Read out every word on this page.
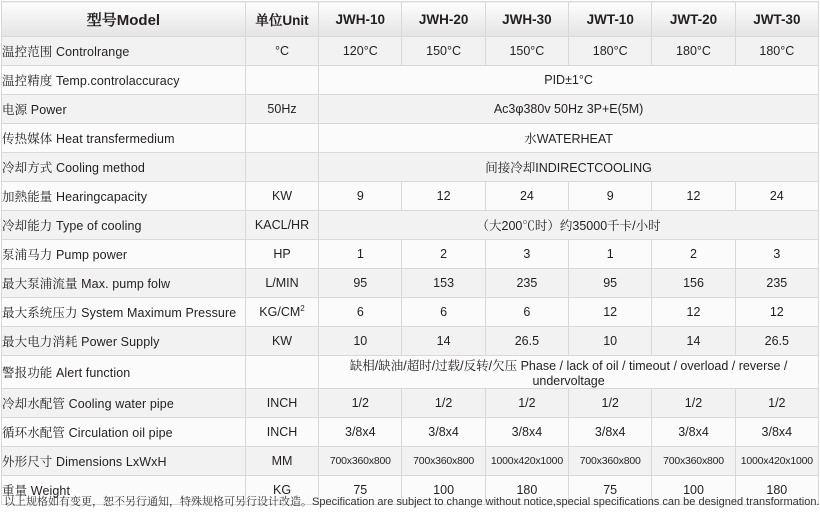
型号Model	单位Unit	JWH-10	JWH-20	JWH-30	JWT-10	JWT-20	JWT-30
温控范围 Controlrange	°C	120°C	150°C	150°C	180°C	180°C	180°C
温控精度 Temp.controlaccuracy		PID±1°C					
电源 Power	50Hz	Ac3φ380v 50Hz 3P+E(5M)					
传热媒体 Heat transfermedium		水WATERHEAT					
冷却方式 Cooling method		间接冷却INDIRECTCOOLING					
加熱能量 Hearingcapacity	KW	9	12	24	9	12	24
冷却能力 Type of cooling	KACL/HR	（大200℃时）约35000千卡/小时					
泵浦马力 Pump power	HP	1	2	3	1	2	3
最大泵浦流量 Max. pump folw	L/MIN	95	153	235	95	156	235
最大系统压力 System Maximum Pressure	$KG/CM^2$	6	6	6	12	12	12
最大电力消耗 Power Supply	KW	10	14	26.5	10	14	26.5
警报功能 Alert function		缺相/缺油/超时/过载/反转/欠压 Phase / lack of oil / timeout / overload / reverse / undervoltage					
冷却水配管 Cooling water pipe	INCH	1/2	1/2	1/2	1/2	1/2	1/2
循环水配管 Circulation oil pipe	INCH	3/8x4	3/8x4	3/8x4	3/8x4	3/8x4	3/8x4
外形尺寸 Dimensions LxWxH	MM	700x360x800	700x360x800	1000x420x1000	700x360x800	700x360x800	1000x420x1000
重量 Weight	KG	75	100	180	75	100	180
以上规格如有变更，恕不另行通知，特殊规格可另行设计改造。Specification are subject to change without notice,special specifications can be designed transformation.
